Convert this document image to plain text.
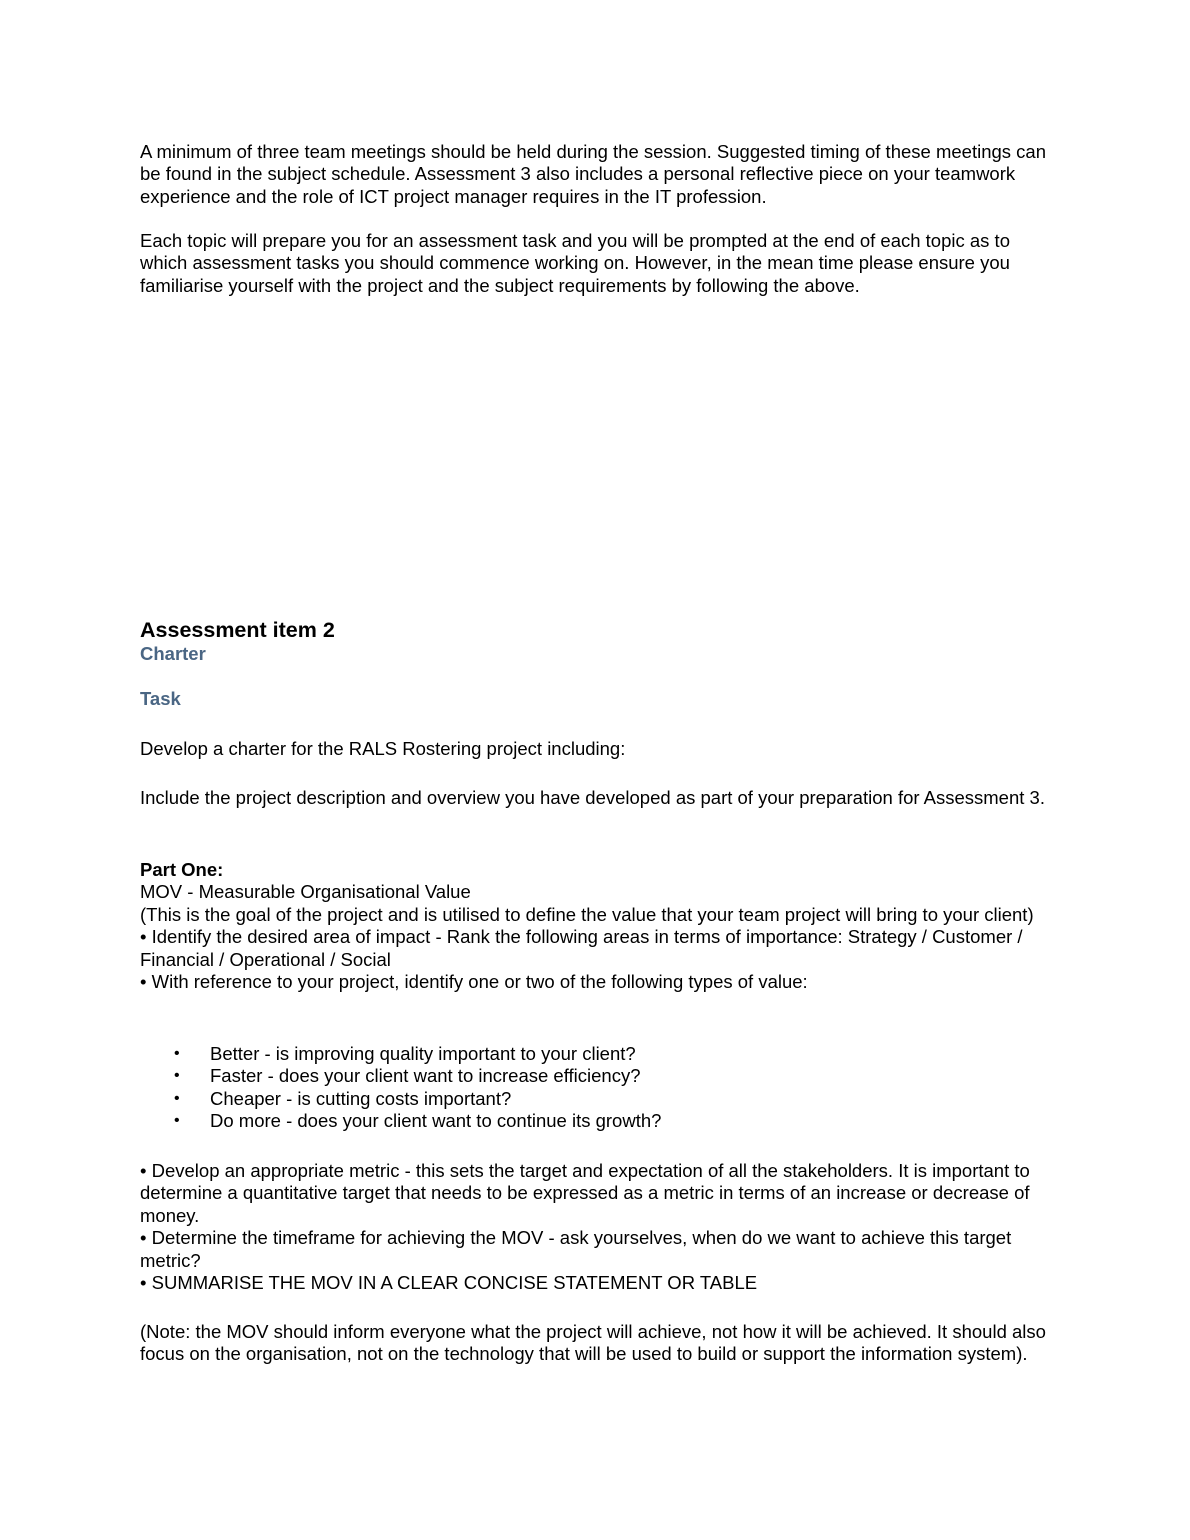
A minimum of three team meetings should be held during the session. Suggested timing of these meetings can be found in the subject schedule. Assessment 3 also includes a personal reflective piece on your teamwork experience and the role of ICT project manager requires in the IT profession.

Each topic will prepare you for an assessment task and you will be prompted at the end of each topic as to which assessment tasks you should commence working on. However, in the mean time please ensure you familiarise yourself with the project and the subject requirements by following the above.

Assessment item 2
Charter
Task

Develop a charter for the RALS Rostering project including:

Include the project description and overview you have developed as part of your preparation for Assessment 3.

Part One:

MOV - Measurable Organisational Value

(This is the goal of the project and is utilised to define the value that your team project will bring to your client)

• Identify the desired area of impact - Rank the following areas in terms of importance: Strategy / Customer / Financial / Operational / Social

• With reference to your project, identify one or two of the following types of value:

• Better - is improving quality important to your client?
• Faster - does your client want to increase efficiency?
• Cheaper - is cutting costs important?
• Do more - does your client want to continue its growth?

• Develop an appropriate metric - this sets the target and expectation of all the stakeholders. It is important to determine a quantitative target that needs to be expressed as a metric in terms of an increase or decrease of money.

• Determine the timeframe for achieving the MOV - ask yourselves, when do we want to achieve this target metric?

• SUMMARISE THE MOV IN A CLEAR CONCISE STATEMENT OR TABLE

(Note: the MOV should inform everyone what the project will achieve, not how it will be achieved. It should also focus on the organisation, not on the technology that will be used to build or support the information system).
